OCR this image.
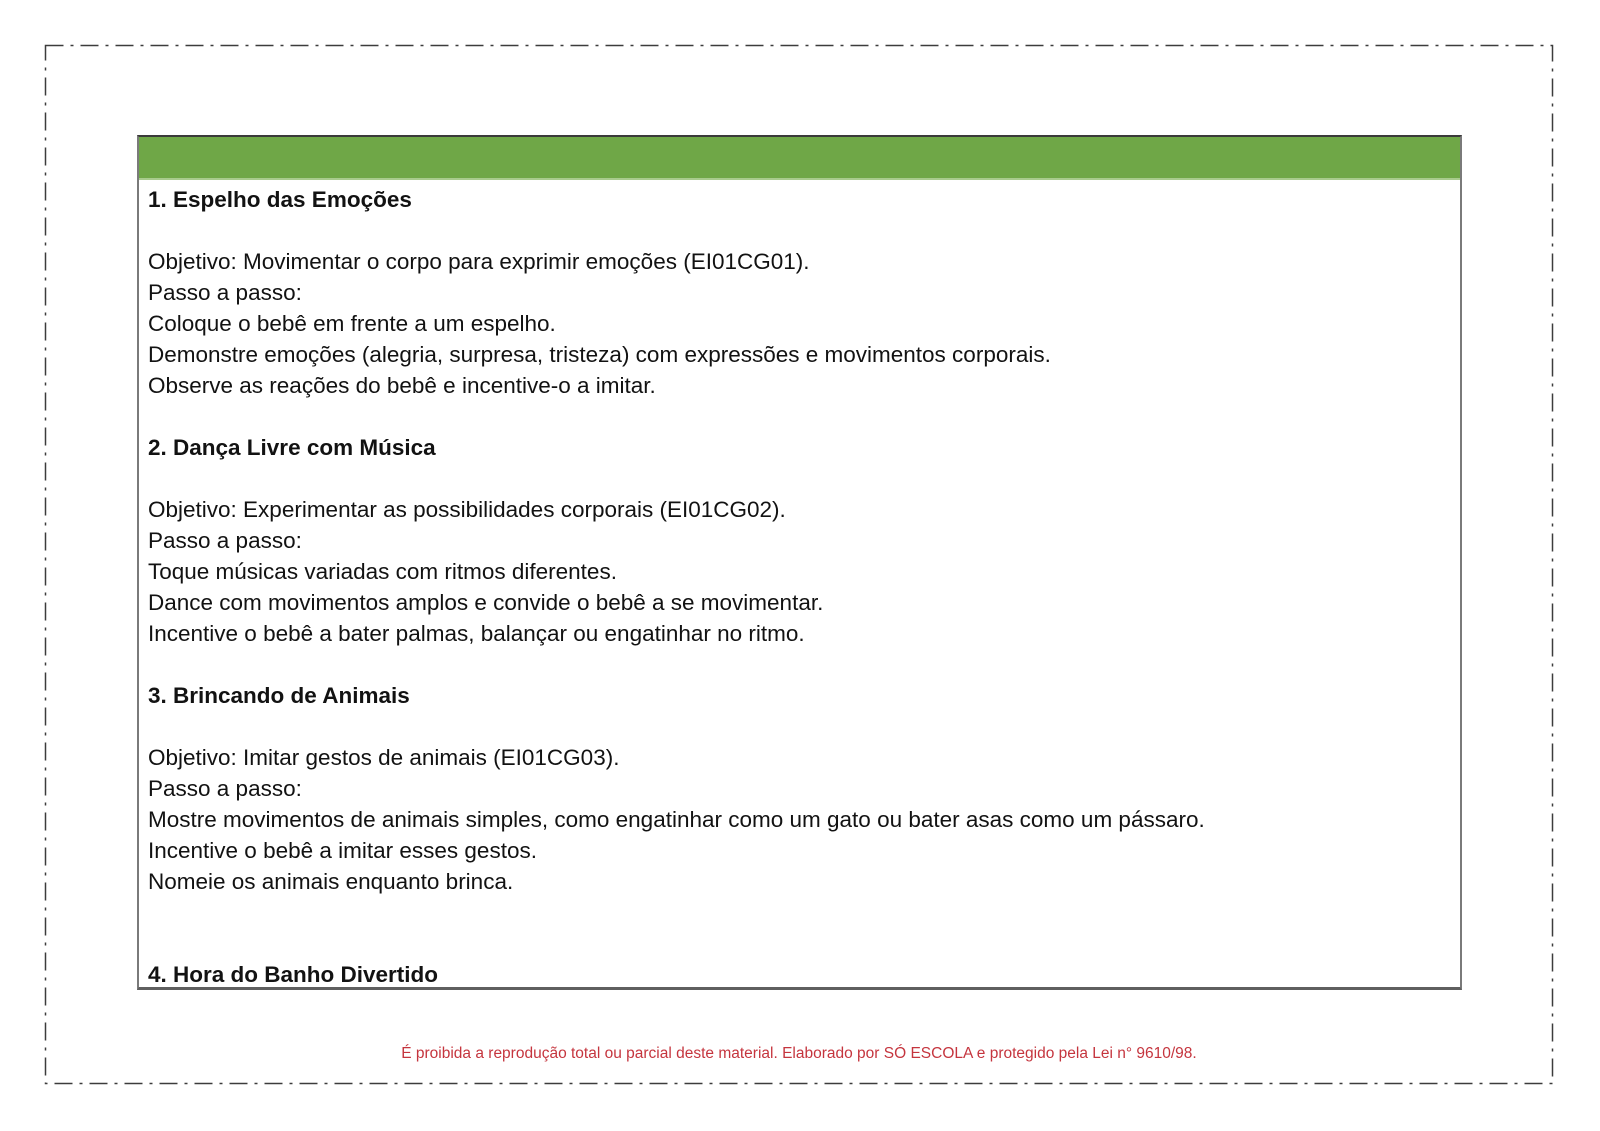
DESENVOLVIMENTO /  AÇÕES DO PROFESSOR

1. Espelho das Emoções
Objetivo: Movimentar o corpo para exprimir emoções (EI01CG01).
Passo a passo:
Coloque o bebê em frente a um espelho.
Demonstre emoções (alegria, surpresa, tristeza) com expressões e movimentos corporais.
Observe as reações do bebê e incentive-o a imitar.
2. Dança Livre com Música
Objetivo: Experimentar as possibilidades corporais (EI01CG02).
Passo a passo:
Toque músicas variadas com ritmos diferentes.
Dance com movimentos amplos e convide o bebê a se movimentar.
Incentive o bebê a bater palmas, balançar ou engatinhar no ritmo.
3. Brincando de Animais
Objetivo: Imitar gestos de animais (EI01CG03).
Passo a passo:
Mostre movimentos de animais simples, como engatinhar como um gato ou bater asas como um pássaro.
Incentive o bebê a imitar esses gestos.
Nomeie os animais enquanto brinca.
4. Hora do Banho Divertido
É proibida a reprodução total ou parcial deste material. Elaborado por SÓ ESCOLA e protegido pela Lei n° 9610/98.
